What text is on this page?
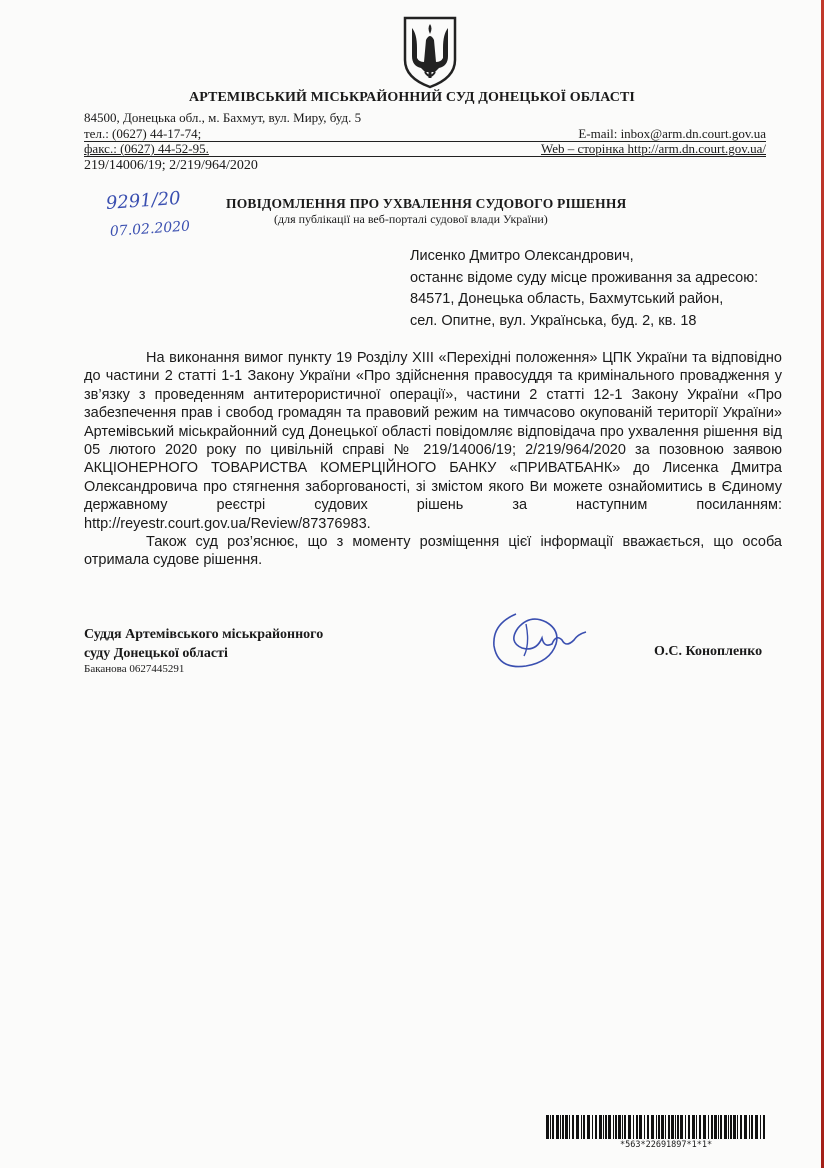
АРТЕМІВСЬКИЙ МІСЬКРАЙОННИЙ СУД ДОНЕЦЬКОЇ ОБЛАСТІ
84500, Донецька обл., м. Бахмут, вул. Миру, буд. 5
тел.: (0627) 44-17-74;	E-mail: inbox@arm.dn.court.gov.ua
факс.: (0627) 44-52-95.	Web – сторінка http://arm.dn.court.gov.ua/
219/14006/19; 2/219/964/2020
9291/20
07.02.2020
ПОВІДОМЛЕННЯ ПРО УХВАЛЕННЯ СУДОВОГО РІШЕННЯ
(для публікації на веб-порталі судової влади України)
Лисенко Дмитро Олександрович,
останнє відоме суду місце проживання за адресою:
84571, Донецька область, Бахмутський район,
сел. Опитне, вул. Українська, буд. 2, кв. 18

На виконання вимог пункту 19 Розділу XIII «Перехідні положення» ЦПК України та відповідно до частини 2 статті 1-1 Закону України «Про здійснення правосуддя та кримінального провадження у зв’язку з проведенням антитерористичної операції», частини 2 статті 12-1 Закону України «Про забезпечення прав і свобод громадян та правовий режим на тимчасово окупованій території України» Артемівський міськрайонний суд Донецької області повідомляє відповідача про ухвалення рішення від 05 лютого 2020 року по цивільній справі № 219/14006/19; 2/219/964/2020 за позовною заявою АКЦІОНЕРНОГО ТОВАРИСТВА КОМЕРЦІЙНОГО БАНКУ «ПРИВАТБАНК» до Лисенка Дмитра Олександровича про стягнення заборгованості, зі змістом якого Ви можете ознайомитись в Єдиному державному реєстрі судових рішень за наступним посиланням: http://reyestr.court.gov.ua/Review/87376983.

Також суд роз’яснює, що з моменту розміщення цієї інформації вважається, що особа отримала судове рішення.

Суддя Артемівського міськрайонного
суду Донецької області
Баканова 0627445291
О.С. Конопленко
*563*22691897*1*1*
